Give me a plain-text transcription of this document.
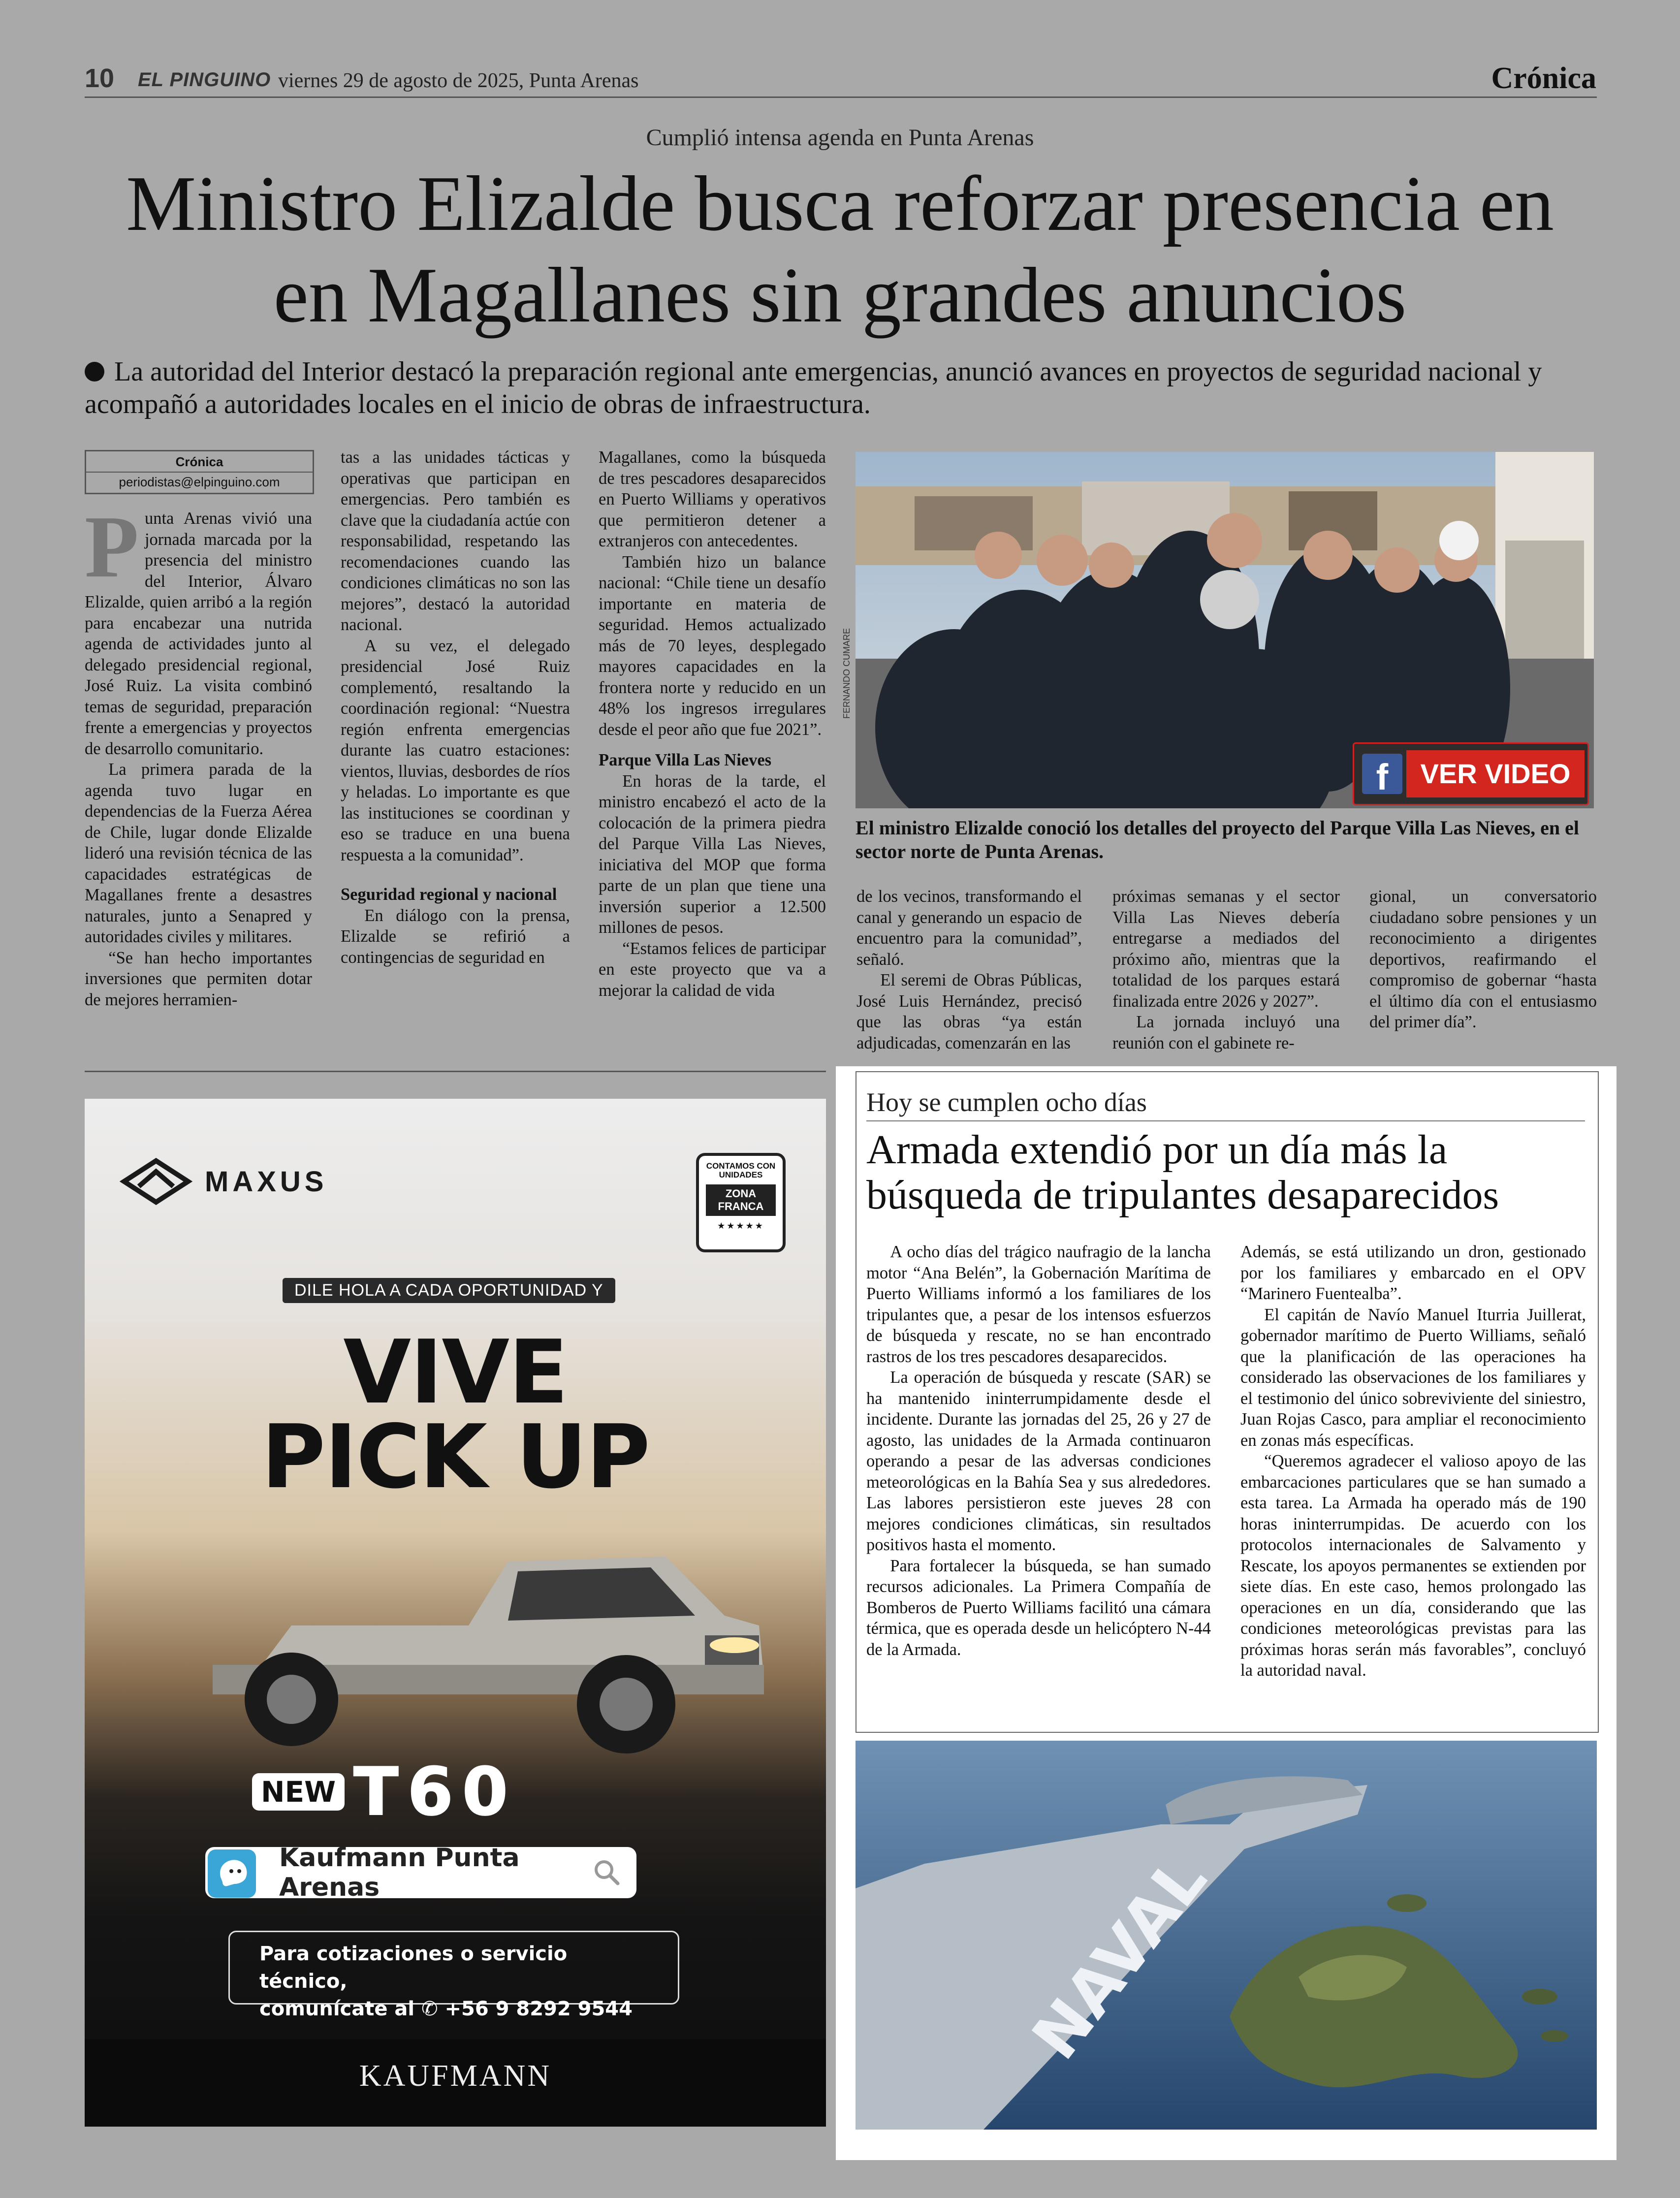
10 EL PINGUINO viernes 29 de agosto de 2025, Punta Arenas	Crónica
Cumplió intensa agenda en Punta Arenas
Ministro Elizalde busca reforzar presencia en
en Magallanes sin grandes anuncios
La autoridad del Interior destacó la preparación regional ante emergencias, anunció avances en proyectos de seguridad nacional y acompañó a autoridades locales en el inicio de obras de infraestructura.
Crónica
periodistas@elpinguino.com

Punta Arenas vivió una jornada marcada por la presencia del ministro del Interior, Álvaro Elizalde, quien arribó a la región para encabezar una nutrida agenda de actividades junto al delegado presidencial regional, José Ruiz. La visita combinó temas de seguridad, preparación frente a emergencias y proyectos de desarrollo comunitario.

La primera parada de la agenda tuvo lugar en dependencias de la Fuerza Aérea de Chile, lugar donde Elizalde lideró una revisión técnica de las capacidades estratégicas de Magallanes frente a desastres naturales, junto a Senapred y autoridades civiles y militares.

“Se han hecho importantes inversiones que permiten dotar de mejores herramien-

tas a las unidades tácticas y operativas que participan en emergencias. Pero también es clave que la ciudadanía actúe con responsabilidad, respetando las recomendaciones cuando las condiciones climáticas no son las mejores”, destacó la autoridad nacional.

A su vez, el delegado presidencial José Ruiz complementó, resaltando la coordinación regional: “Nuestra región enfrenta emergencias durante las cuatro estaciones: vientos, lluvias, desbordes de ríos y heladas. Lo importante es que las instituciones se coordinan y eso se traduce en una buena respuesta a la comunidad”.

Seguridad regional y nacional

En diálogo con la prensa, Elizalde se refirió a contingencias de seguridad en

Magallanes, como la búsqueda de tres pescadores desaparecidos en Puerto Williams y operativos que permitieron detener a extranjeros con antecedentes.

También hizo un balance nacional: “Chile tiene un desafío importante en materia de seguridad. Hemos actualizado más de 70 leyes, desplegado mayores capacidades en la frontera norte y reducido en un 48% los ingresos irregulares desde el peor año que fue 2021”.

Parque Villa Las Nieves

En horas de la tarde, el ministro encabezó el acto de la colocación de la primera piedra del Parque Villa Las Nieves, iniciativa del MOP que forma parte de un plan que tiene una inversión superior a 12.500 millones de pesos.

“Estamos felices de participar en este proyecto que va a mejorar la calidad de vida

FERNANDO CUMARE
f	VER VIDEO
El ministro Elizalde conoció los detalles del proyecto del Parque Villa Las Nieves, en el sector norte de Punta Arenas.

de los vecinos, transformando el canal y generando un espacio de encuentro para la comunidad”, señaló.

El seremi de Obras Públicas, José Luis Hernández, precisó que las obras “ya están adjudicadas, comenzarán en las

próximas semanas y el sector Villa Las Nieves debería entregarse a mediados del próximo año, mientras que la totalidad de los parques estará finalizada entre 2026 y 2027”.

La jornada incluyó una reunión con el gabinete re-

gional, un conversatorio ciudadano sobre pensiones y un reconocimiento a dirigentes deportivos, reafirmando el compromiso de gobernar “hasta el último día con el entusiasmo del primer día”.

MAXUS	CONTAMOS CON UNIDADES
ZONA FRANCA
★★★★★
DILE HOLA A CADA OPORTUNIDAD Y
VIVE
PICK UP
NEW T60
Kaufmann Punta Arenas
Para cotizaciones o servicio técnico,
comunícate al ✆ +56 9 8292 9544
KAUFMANN
Hoy se cumplen ocho días
Armada extendió por un día más la
búsqueda de tripulantes desaparecidos

A ocho días del trágico naufragio de la lancha motor “Ana Belén”, la Gobernación Marítima de Puerto Williams informó a los familiares de los tripulantes que, a pesar de los intensos esfuerzos de búsqueda y rescate, no se han encontrado rastros de los tres pescadores desaparecidos.

La operación de búsqueda y rescate (SAR) se ha mantenido ininterrumpidamente desde el incidente. Durante las jornadas del 25, 26 y 27 de agosto, las unidades de la Armada continuaron operando a pesar de las adversas condiciones meteorológicas en la Bahía Sea y sus alrededores. Las labores persistieron este jueves 28 con mejores condiciones climáticas, sin resultados positivos hasta el momento.

Para fortalecer la búsqueda, se han sumado recursos adicionales. La Primera Compañía de Bomberos de Puerto Williams facilitó una cámara térmica, que es operada desde un helicóptero N-44 de la Armada.

Además, se está utilizando un dron, gestionado por los familiares y embarcado en el OPV “Marinero Fuentealba”.

El capitán de Navío Manuel Iturria Juillerat, gobernador marítimo de Puerto Williams, señaló que la planificación de las operaciones ha considerado las observaciones de los familiares y el testimonio del único sobreviviente del siniestro, Juan Rojas Casco, para ampliar el reconocimiento en zonas más específicas.

“Queremos agradecer el valioso apoyo de las embarcaciones particulares que se han sumado a esta tarea. La Armada ha operado más de 190 horas ininterrumpidas. De acuerdo con los protocolos internacionales de Salvamento y Rescate, los apoyos permanentes se extienden por siete días. En este caso, hemos prolongado las operaciones en un día, considerando que las condiciones meteorológicas previstas para las próximas horas serán más favorables”, concluyó la autoridad naval.

NAVAL
